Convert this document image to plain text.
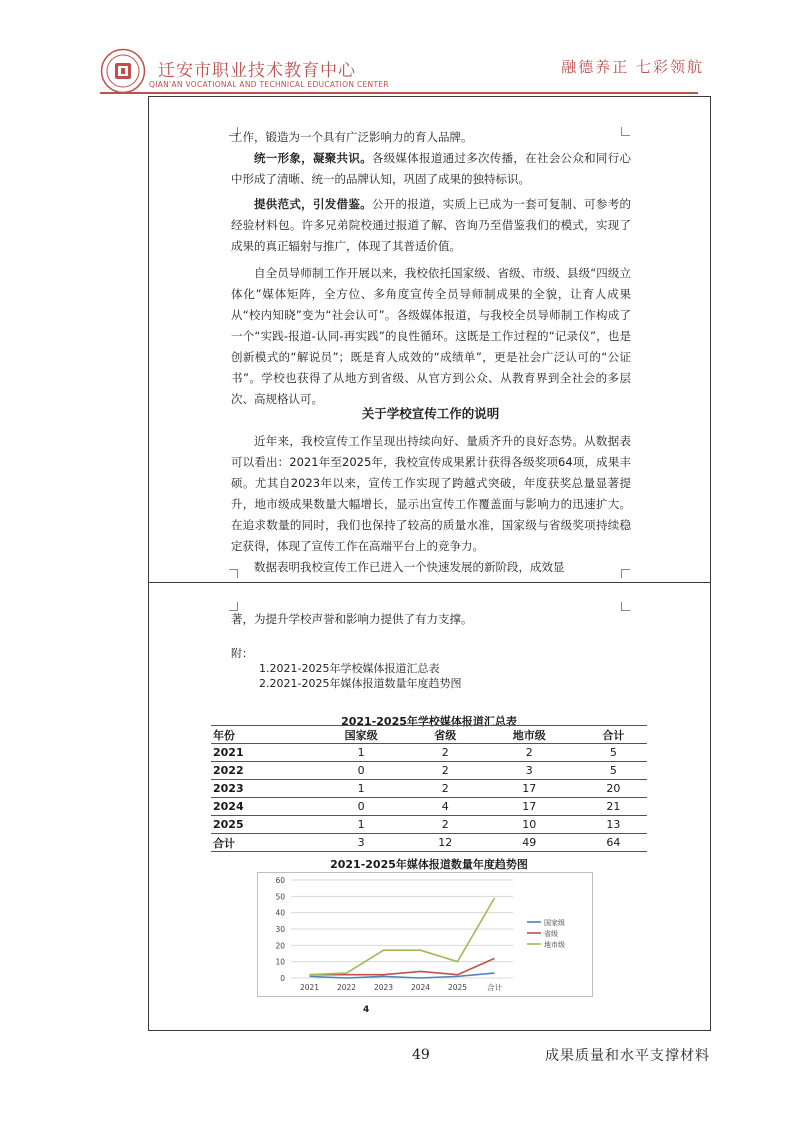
迁安市职业技术教育中心
QIAN'AN VOCATIONAL AND TECHNICAL EDUCATION CENTER
融德养正 七彩领航

工作，锻造为一个具有广泛影响力的育人品牌。

统一形象，凝聚共识。各级媒体报道通过多次传播，在社会公众和同行心中形成了清晰、统一的品牌认知，巩固了成果的独特标识。

提供范式，引发借鉴。公开的报道，实质上已成为一套可复制、可参考的经验材料包。许多兄弟院校通过报道了解、咨询乃至借鉴我们的模式，实现了成果的真正辐射与推广，体现了其普适价值。

自全员导师制工作开展以来，我校依托国家级、省级、市级、县级“四级立体化”媒体矩阵，全方位、多角度宣传全员导师制成果的全貌，让育人成果从“校内知晓”变为“社会认可”。各级媒体报道，与我校全员导师制工作构成了一个“实践-报道-认同-再实践”的良性循环。这既是工作过程的“记录仪”，也是创新模式的“解说员”；既是育人成效的“成绩单”，更是社会广泛认可的“公证书”。学校也获得了从地方到省级、从官方到公众、从教育界到全社会的多层次、高规格认可。

关于学校宣传工作的说明

近年来，我校宣传工作呈现出持续向好、量质齐升的良好态势。从数据表可以看出：2021年至2025年，我校宣传成果累计获得各级奖项64项，成果丰硕。尤其自2023年以来，宣传工作实现了跨越式突破，年度获奖总量显著提升，地市级成果数量大幅增长，显示出宣传工作覆盖面与影响力的迅速扩大。在追求数量的同时，我们也保持了较高的质量水准，国家级与省级奖项持续稳定获得，体现了宣传工作在高端平台上的竞争力。

数据表明我校宣传工作已进入一个快速发展的新阶段，成效显

著，为提升学校声誉和影响力提供了有力支撑。

附：
1.2021-2025年学校媒体报道汇总表
2.2021-2025年媒体报道数量年度趋势图
2021-2025年学校媒体报道汇总表
年份	国家级	省级	地市级	合计
2021	1	2	2	5
2022	0	2	3	5
2023	1	2	17	20
2024	0	4	17	21
2025	1	2	10	13
合计	3	12	49	64
2021-2025年媒体报道数量年度趋势图
0
10
20
30
40
50
60
2021 2022 2023 2024 2025	合计
国家级
省级
地市级
4
49	成果质量和水平支撑材料
